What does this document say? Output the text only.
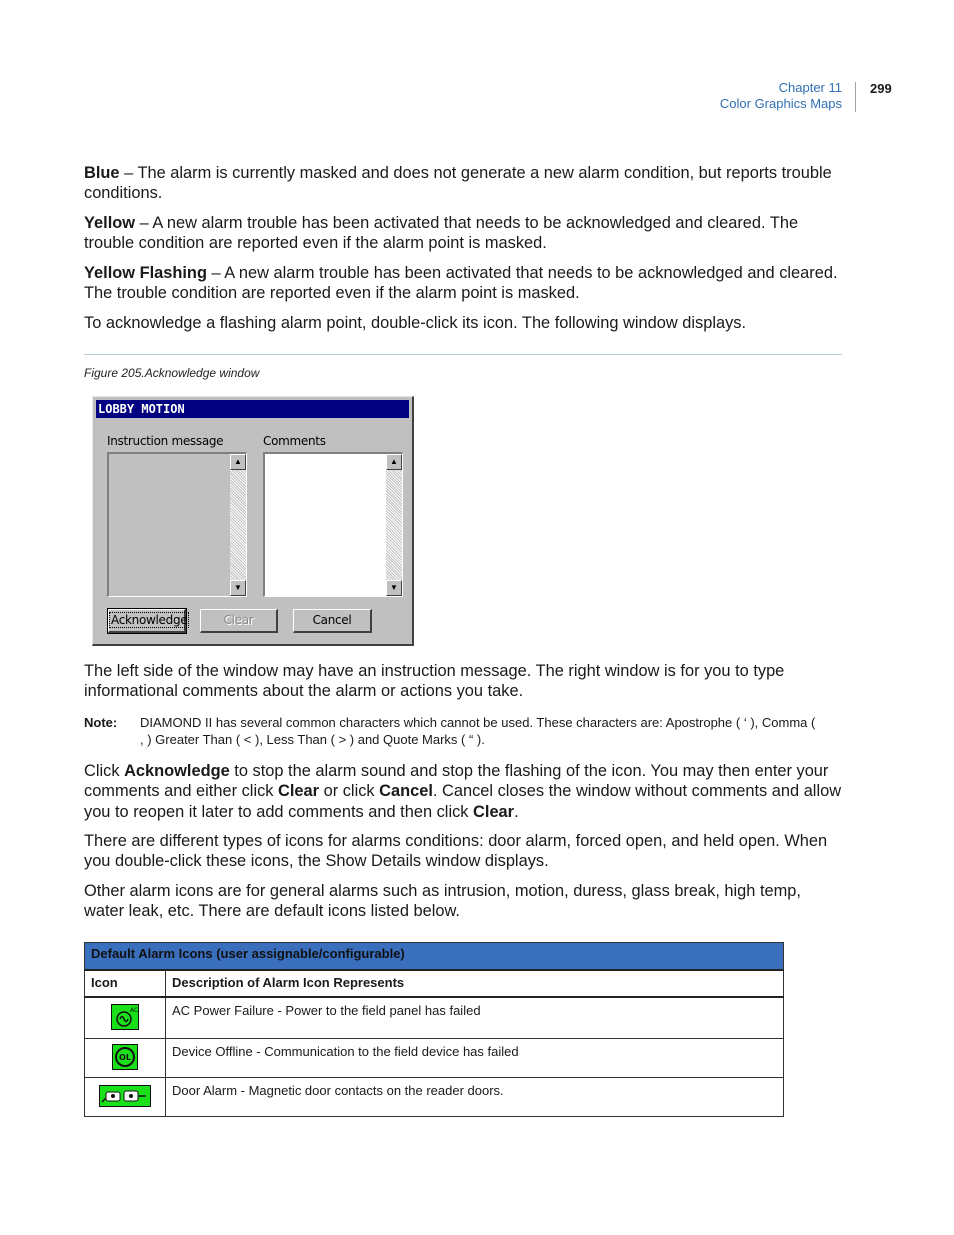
Chapter 11
Color Graphics Maps
299

Blue – The alarm is currently masked and does not generate a new alarm condition, but reports trouble conditions.

Yellow – A new alarm trouble has been activated that needs to be acknowledged and cleared. The trouble condition are reported even if the alarm point is masked.

Yellow Flashing – A new alarm trouble has been activated that needs to be acknowledged and cleared. The trouble condition are reported even if the alarm point is masked.

To acknowledge a flashing alarm point, double-click its icon. The following window displays.

Figure 205.Acknowledge window
LOBBY MOTION
Instruction message	Comments
▲
▼
▲
▼
Acknowledge	Clear	Cancel

The left side of the window may have an instruction message. The right window is for you to type informational comments about the alarm or actions you take.

Note: DIAMOND II has several common characters which cannot be used. These characters are: Apostrophe ( ‘ ), Comma ( , ) Greater Than ( < ), Less Than ( > ) and Quote Marks ( “ ).

Click Acknowledge to stop the alarm sound and stop the flashing of the icon. You may then enter your comments and either click Clear or click Cancel. Cancel closes the window without comments and allow you to reopen it later to add comments and then click Clear.

There are different types of icons for alarms conditions: door alarm, forced open, and held open. When you double-click these icons, the Show Details window displays.

Other alarm icons are for general alarms such as intrusion, motion, duress, glass break, high temp, water leak, etc. There are default icons listed below.

Default Alarm Icons (user assignable/configurable)	
Icon	Description of Alarm Icon Represents

AC	AC Power Failure - Power to the field panel has failed

OL	Device Offline - Communication to the field device has failed
	Door Alarm - Magnetic door contacts on the reader doors.
